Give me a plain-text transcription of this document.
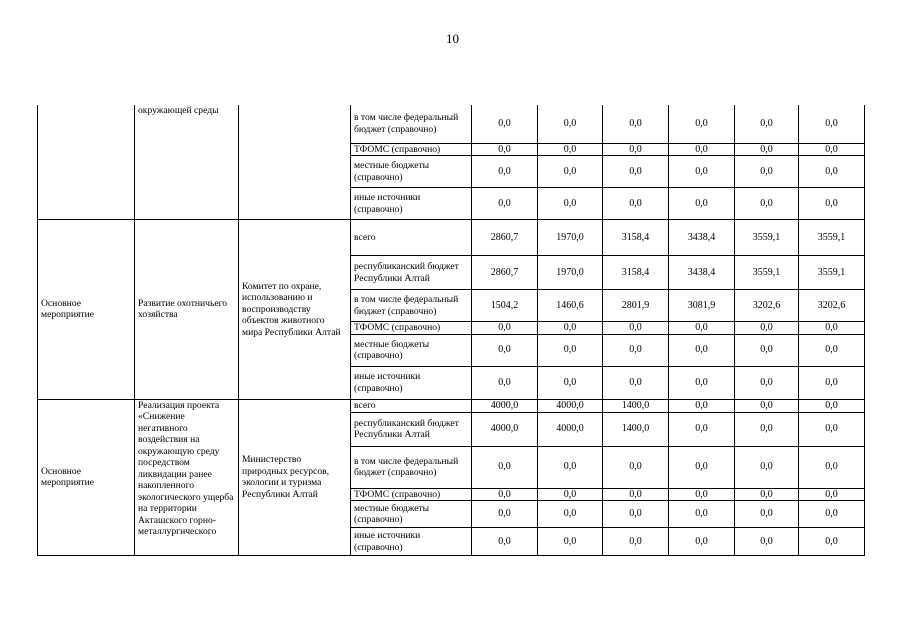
10
	окружающей среды		в том числе федеральный бюджет (справочно)	0,0	0,0	0,0	0,0	0,0	0,0
			ТФОМС (справочно)	0,0	0,0	0,0	0,0	0,0	0,0
			местные бюджеты (справочно)	0,0	0,0	0,0	0,0	0,0	0,0
			иные источники (справочно)	0,0	0,0	0,0	0,0	0,0	0,0
Основное мероприятие	Развитие охотничьего хозяйства	Комитет по охране, использованию и воспроизводству объектов животного мира Республики Алтай	всего	2860,7	1970,0	3158,4	3438,4	3559,1	3559,1
			республиканский бюджет Республики Алтай	2860,7	1970,0	3158,4	3438,4	3559,1	3559,1
			в том числе федеральный бюджет (справочно)	1504,2	1460,6	2801,9	3081,9	3202,6	3202,6
			ТФОМС (справочно)	0,0	0,0	0,0	0,0	0,0	0,0
			местные бюджеты (справочно)	0,0	0,0	0,0	0,0	0,0	0,0
			иные источники (справочно)	0,0	0,0	0,0	0,0	0,0	0,0
Основное мероприятие	Реализация проекта «Снижение негативного воздействия на окружающую среду посредством ликвидации ранее накопленного экологического ущерба на территории Акташского горно-металлургического	Министерство природных ресурсов, экологии и туризма Республики Алтай	всего	4000,0	4000,0	1400,0	0,0	0,0	0,0
			республиканский бюджет Республики Алтай	4000,0	4000,0	1400,0	0,0	0,0	0,0
			в том числе федеральный бюджет (справочно)	0,0	0,0	0,0	0,0	0,0	0,0
			ТФОМС (справочно)	0,0	0,0	0,0	0,0	0,0	0,0
			местные бюджеты (справочно)	0,0	0,0	0,0	0,0	0,0	0,0
			иные источники (справочно)	0,0	0,0	0,0	0,0	0,0	0,0
